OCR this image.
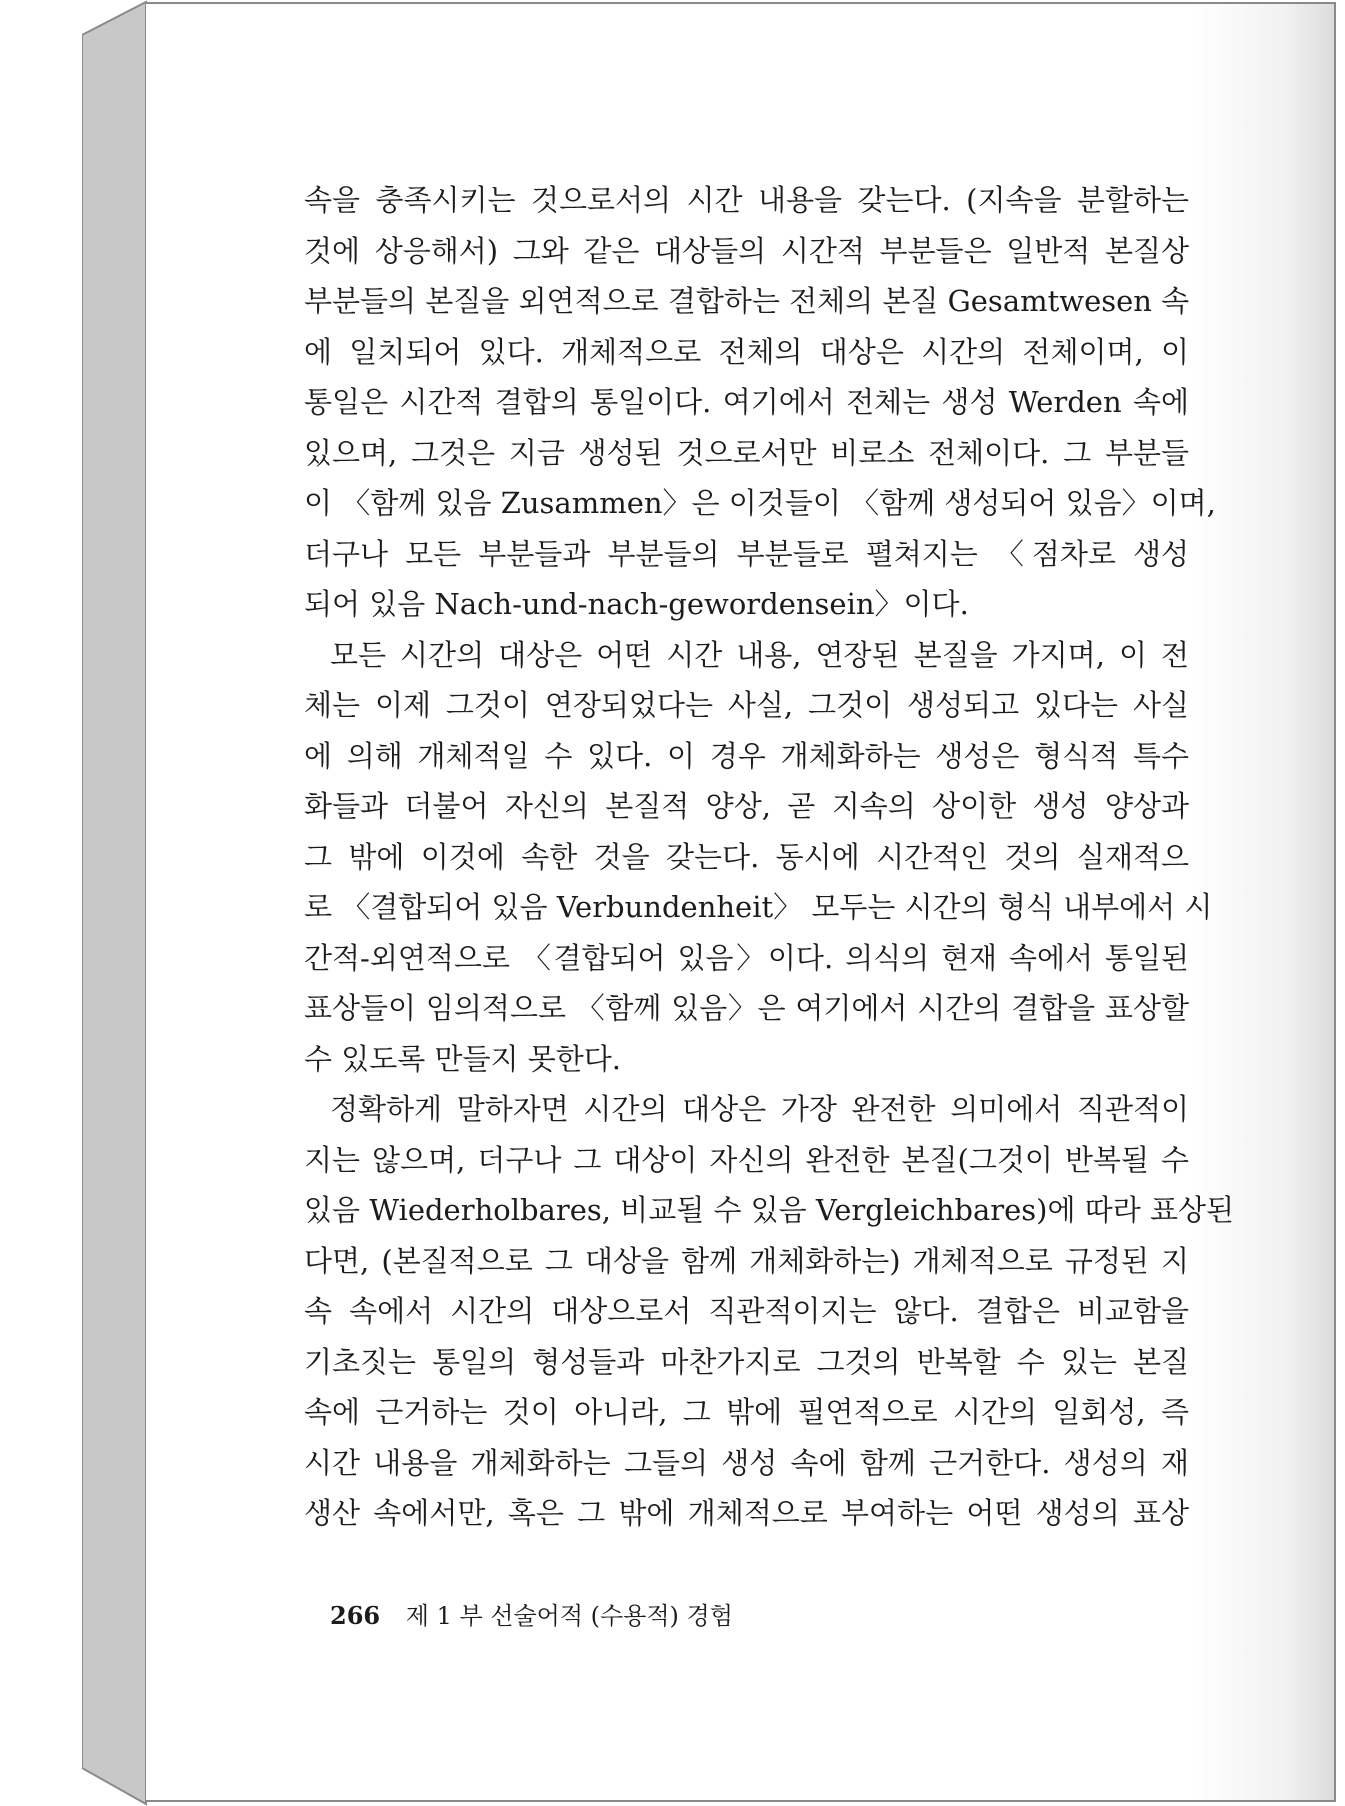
속을 충족시키는 것으로서의 시간 내용을 갖는다. (지속을 분할하는
것에 상응해서) 그와 같은 대상들의 시간적 부분들은 일반적 본질상
부분들의 본질을 외연적으로 결합하는 전체의 본질 Gesamtwesen 속
에 일치되어 있다. 개체적으로 전체의 대상은 시간의 전체이며, 이
통일은 시간적 결합의 통일이다. 여기에서 전체는 생성 Werden 속에
있으며, 그것은 지금 생성된 것으로서만 비로소 전체이다. 그 부분들
이 〈함께 있음 Zusammen〉은 이것들이 〈함께 생성되어 있음〉이며,
더구나 모든 부분들과 부분들의 부분들로 펼쳐지는 〈점차로 생성
되어 있음 Nach-und-nach-gewordensein〉이다.
모든 시간의 대상은 어떤 시간 내용, 연장된 본질을 가지며, 이 전
체는 이제 그것이 연장되었다는 사실, 그것이 생성되고 있다는 사실
에 의해 개체적일 수 있다. 이 경우 개체화하는 생성은 형식적 특수
화들과 더불어 자신의 본질적 양상, 곧 지속의 상이한 생성 양상과
그 밖에 이것에 속한 것을 갖는다. 동시에 시간적인 것의 실재적으
로 〈결합되어 있음 Verbundenheit〉 모두는 시간의 형식 내부에서 시
간적-외연적으로 〈결합되어 있음〉이다. 의식의 현재 속에서 통일된
표상들이 임의적으로 〈함께 있음〉은 여기에서 시간의 결합을 표상할
수 있도록 만들지 못한다.
정확하게 말하자면 시간의 대상은 가장 완전한 의미에서 직관적이
지는 않으며, 더구나 그 대상이 자신의 완전한 본질(그것이 반복될 수
있음 Wiederholbares, 비교될 수 있음 Vergleichbares)에 따라 표상된
다면, (본질적으로 그 대상을 함께 개체화하는) 개체적으로 규정된 지
속 속에서 시간의 대상으로서 직관적이지는 않다. 결합은 비교함을
기초짓는 통일의 형성들과 마찬가지로 그것의 반복할 수 있는 본질
속에 근거하는 것이 아니라, 그 밖에 필연적으로 시간의 일회성, 즉
시간 내용을 개체화하는 그들의 생성 속에 함께 근거한다. 생성의 재
생산 속에서만, 혹은 그 밖에 개체적으로 부여하는 어떤 생성의 표상
266 제 1 부 선술어적 (수용적) 경험
